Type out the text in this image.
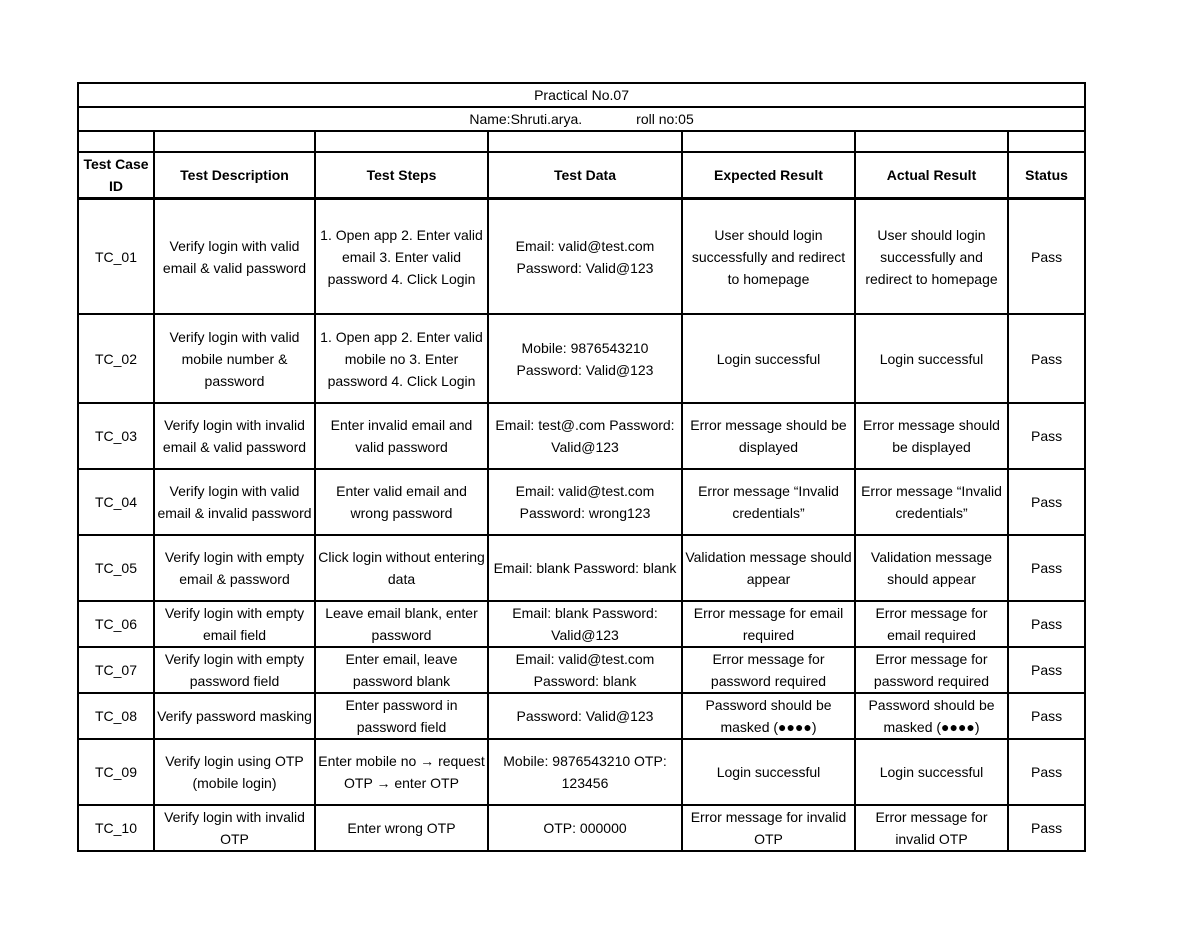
Practical No.07						
Name:Shruti.arya. roll no:05						

Test Case ID	Test Description	Test Steps	Test Data	Expected Result	Actual Result	Status
TC_01	Verify login with valid email & valid password	1. Open app 2. Enter valid email 3. Enter valid password 4. Click Login	Email: valid@test.com Password: Valid@123	User should login successfully and redirect to homepage	User should login successfully and redirect to homepage	Pass
TC_02	Verify login with valid mobile number & password	1. Open app 2. Enter valid mobile no 3. Enter password 4. Click Login	Mobile: 9876543210 Password: Valid@123	Login successful	Login successful	Pass
TC_03	Verify login with invalid email & valid password	Enter invalid email and valid password	Email: test@.com Password: Valid@123	Error message should be displayed	Error message should be displayed	Pass
TC_04	Verify login with valid email & invalid password	Enter valid email and wrong password	Email: valid@test.com Password: wrong123	Error message “Invalid credentials”	Error message “Invalid credentials”	Pass
TC_05	Verify login with empty email & password	Click login without entering data	Email: blank Password: blank	Validation message should appear	Validation message should appear	Pass
TC_06	Verify login with empty email field	Leave email blank, enter password	Email: blank Password: Valid@123	Error message for email required	Error message for email required	Pass
TC_07	Verify login with empty password field	Enter email, leave password blank	Email: valid@test.com Password: blank	Error message for password required	Error message for password required	Pass
TC_08	Verify password masking	Enter password in password field	Password: Valid@123	Password should be masked (●●●●)	Password should be masked (●●●●)	Pass
TC_09	Verify login using OTP (mobile login)	Enter mobile no → request OTP → enter OTP	Mobile: 9876543210 OTP: 123456	Login successful	Login successful	Pass
TC_10	Verify login with invalid OTP	Enter wrong OTP	OTP: 000000	Error message for invalid OTP	Error message for invalid OTP	Pass
